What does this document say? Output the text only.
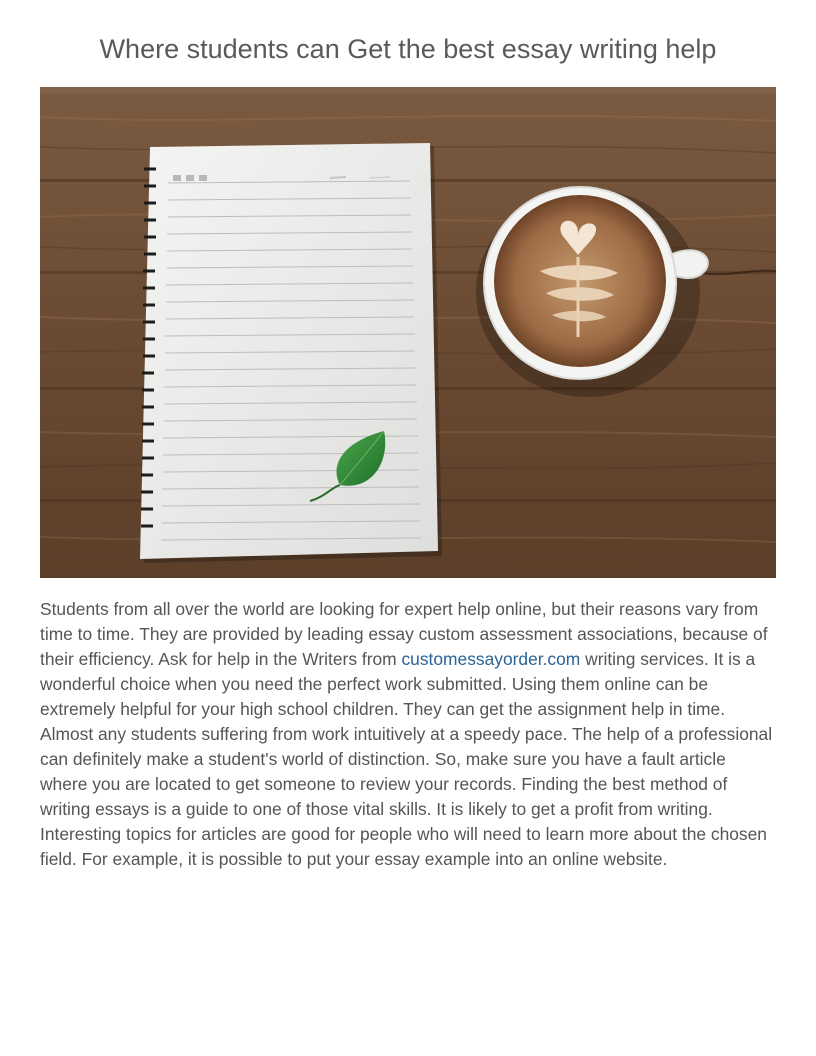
Where students can Get the best essay writing help

Students from all over the world are looking for expert help online, but their reasons vary from time to time. They are provided by leading essay custom assessment associations, because of their efficiency. Ask for help in the Writers from customessayorder.com writing services. It is a wonderful choice when you need the perfect work submitted. Using them online can be extremely helpful for your high school children. They can get the assignment help in time. Almost any students suffering from work intuitively at a speedy pace. The help of a professional can definitely make a student's world of distinction. So, make sure you have a fault article where you are located to get someone to review your records. Finding the best method of writing essays is a guide to one of those vital skills. It is likely to get a profit from writing. Interesting topics for articles are good for people who will need to learn more about the chosen field. For example, it is possible to put your essay example into an online website.
